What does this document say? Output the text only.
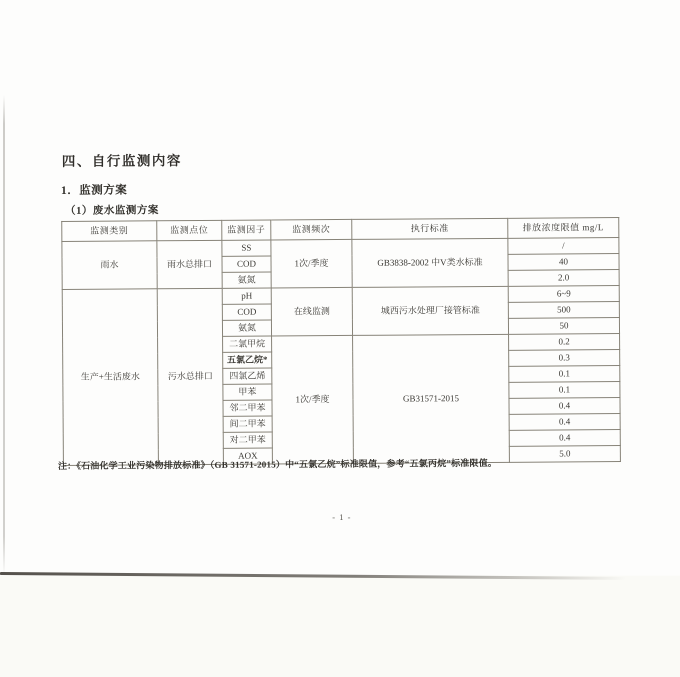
四、自行监测内容
1．监测方案
（1）废水监测方案
监测类别	监测点位	监测因子	监测频次	执行标准	排放浓度限值 mg/L
雨水	雨水总排口	SS	1次/季度	GB3838-2002 中V类水标准	/
		COD			40
		氨氮			2.0
生产+生活废水	污水总排口	pH	在线监测	城西污水处理厂接管标准	6~9
		COD			500
		氨氮			50
		二氯甲烷	1次/季度	GB31571-2015	0.2
		五氯乙烷*			0.3
		四氯乙烯			0.1
		甲苯			0.1
		邻二甲苯			0.4
		间二甲苯			0.4
		对二甲苯			0.4
		AOX			5.0

注：《石油化学工业污染物排放标准》（GB 31571-2015）中“五氯乙烷”标准限值，参考“五氯丙烷”标准限值。

- 1 -
